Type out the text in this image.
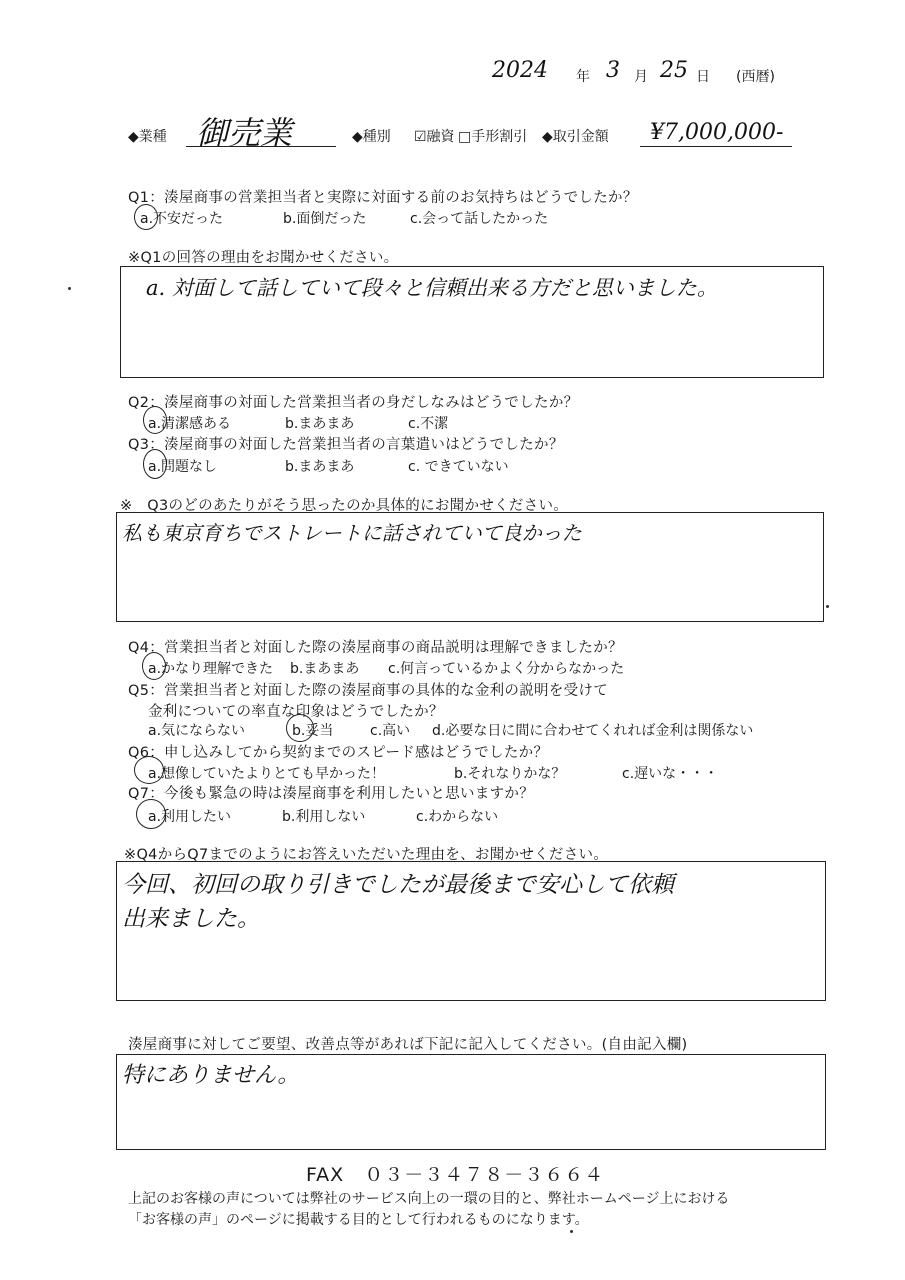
2024 年 3 月 25 日 (西暦)
◆業種 御売業	◆種別 ☑融資 □手形割引 ◆取引金額 ¥7,000,000-
Q1：湊屋商事の営業担当者と実際に対面する前のお気持ちはどうでしたか？
a.不安だった	b.面倒だった	c.会って話したかった
※Q1の回答の理由をお聞かせください。
a. 対面して話していて段々と信頼出来る方だと思いました。
Q2：湊屋商事の対面した営業担当者の身だしなみはどうでしたか？
a.清潔感ある	b.まあまあ	c.不潔
Q3：湊屋商事の対面した営業担当者の言葉遣いはどうでしたか？
a.問題なし	b.まあまあ	c. できていない
※　Q3のどのあたりがそう思ったのか具体的にお聞かせください。
私も東京育ちでストレートに話されていて良かった
Q4：営業担当者と対面した際の湊屋商事の商品説明は理解できましたか？
a.かなり理解できた b.まあまあ c.何言っているかよく分からなかった
Q5：営業担当者と対面した際の湊屋商事の具体的な金利の説明を受けて
金利についての率直な印象はどうでしたか？
a.気にならない	b.妥当	c.高い d.必要な日に間に合わせてくれれば金利は関係ない
Q6：申し込みしてから契約までのスピード感はどうでしたか？
a.想像していたよりとても早かった！	b.それなりかな？	c.遅いな・・・
Q7：今後も緊急の時は湊屋商事を利用したいと思いますか？
a.利用したい	b.利用しない	c.わからない
※Q4からQ7までのようにお答えいただいた理由を、お聞かせください。
今回、初回の取り引きでしたが最後まで安心して依頼
出来ました。
湊屋商事に対してご要望、改善点等があれば下記に記入してください。(自由記入欄)
特にありません。
FAX　０３－３４７８－３６６４
上記のお客様の声については弊社のサービス向上の一環の目的と、弊社ホームページ上における
「お客様の声」のページに掲載する目的として行われるものになります。
